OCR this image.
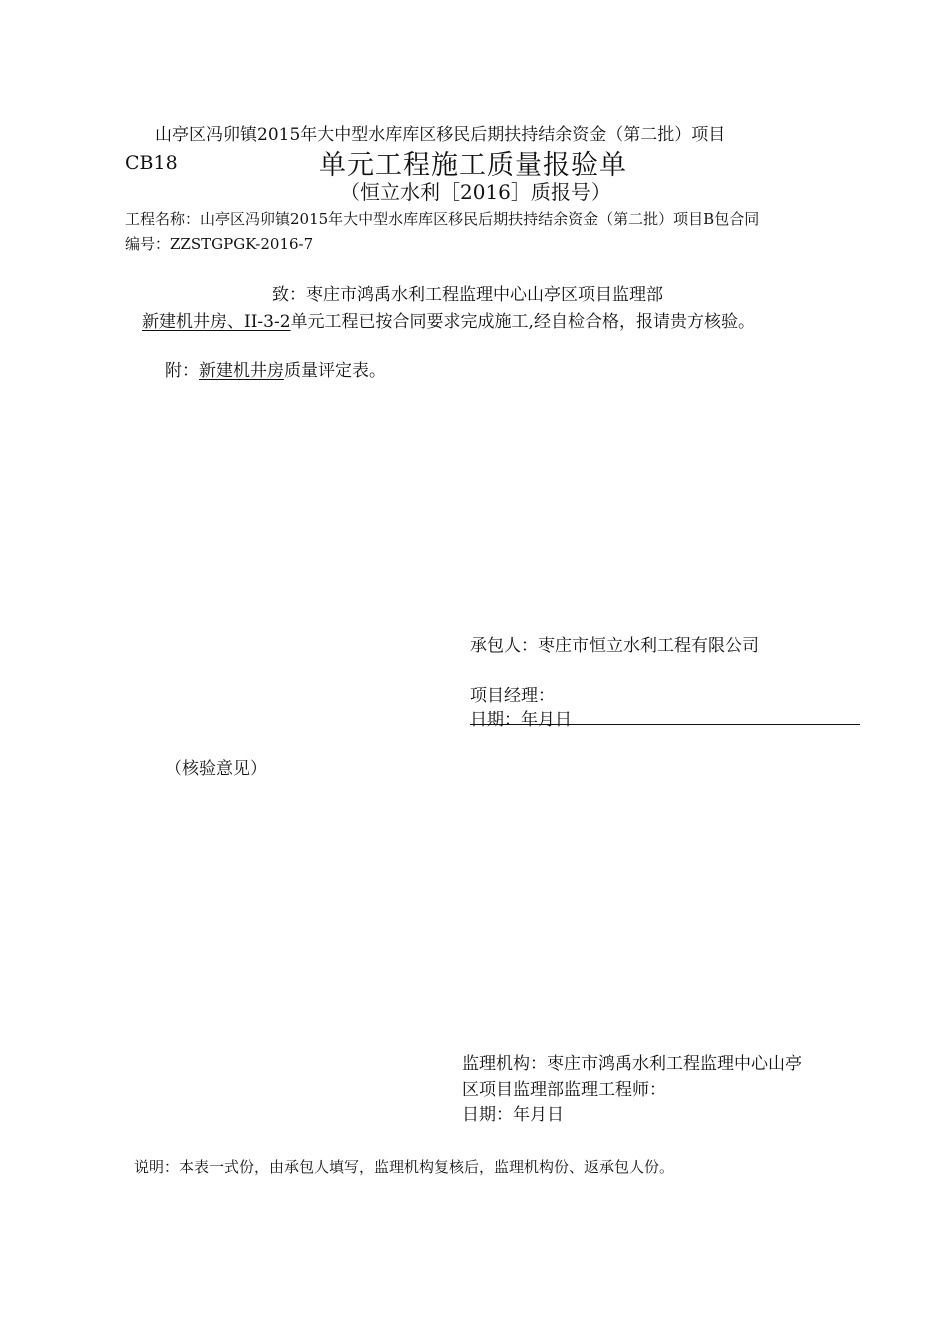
山亭区冯卯镇2015年大中型水库库区移民后期扶持结余资金（第二批）项目
CB18	单元工程施工质量报验单
（恒立水利［2016］质报号）
工程名称：山亭区冯卯镇2015年大中型水库库区移民后期扶持结余资金（第二批）项目B包合同
编号：ZZSTGPGK-2016-7
致：枣庄市鸿禹水利工程监理中心山亭区项目监理部
新建机井房、II-3-2单元工程已按合同要求完成施工,经自检合格，报请贵方核验。
附：新建机井房质量评定表。
承包人：枣庄市恒立水利工程有限公司
项目经理：
日期：年月日
（核验意见）
监理机构：枣庄市鸿禹水利工程监理中心山亭
区项目监理部监理工程师：
日期：年月日
说明：本表一式份，由承包人填写，监理机构复核后，监理机构份、返承包人份。
